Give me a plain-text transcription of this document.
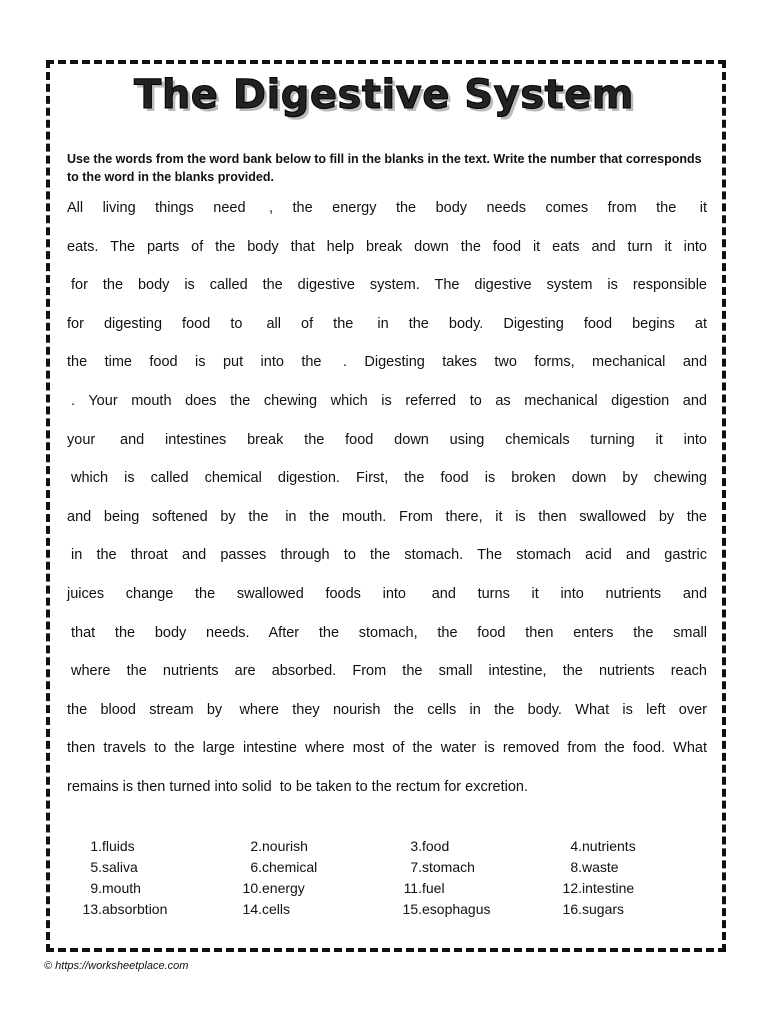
The Digestive System
Use the words from the word bank below to fill in the blanks in the text. Write the number that corresponds to the word in the blanks provided.
All living things need , the energy the body needs comes from the it
eats. The parts of the body that help break down the food it eats and turn it into
for the body is called the digestive system. The digestive system is responsible
for digesting food to all of the in the body. Digesting food begins at
the time food is put into the . Digesting takes two forms, mechanical and
. Your mouth does the chewing which is referred to as mechanical digestion and
your and intestines break the food down using chemicals turning it into
which is called chemical digestion. First, the food is broken down by chewing
and being softened by the in the mouth. From there, it is then swallowed by the
in the throat and passes through to the stomach. The stomach acid and gastric
juices change the swallowed foods into and turns it into nutrients and
that the body needs. After the stomach, the food then enters the small
where the nutrients are absorbed. From the small intestine, the nutrients reach
the blood stream by where they nourish the cells in the body. What is left over
then travels to the large intestine where most of the water is removed from the food. What
remains is then turned into solid to be taken to the rectum for excretion.
1.fluids	2.nourish	3.food	4.nutrients
5.saliva	6.chemical	7.stomach	8.waste
9.mouth	10.energy	11.fuel	12.intestine
13.absorbtion	14.cells	15.esophagus	16.sugars
© https://worksheetplace.com
